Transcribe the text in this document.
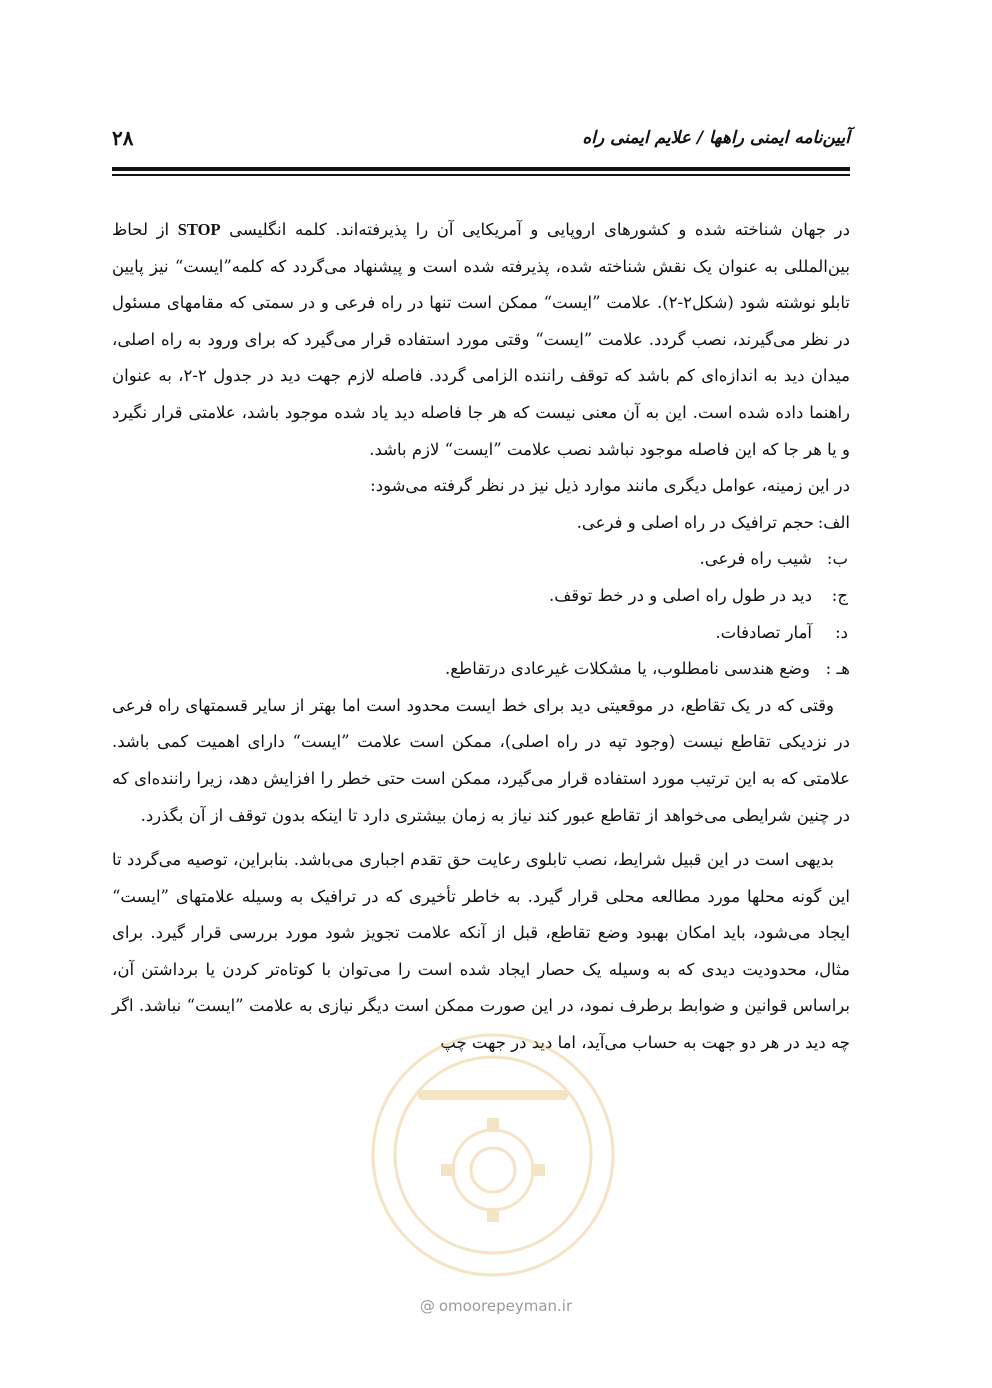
آیین‌نامه ایمنی راهها / علایم ایمنی راه
۲۸

در جهان شناخته شده و کشورهای اروپایی و آمریکایی آن را پذیرفته‌اند. کلمه انگلیسی STOP از لحاظ بین‌المللی به عنوان یک نقش شناخته شده، پذیرفته شده است و پیشنهاد می‌گردد که کلمه”ایست“ نیز پایین تابلو نوشته شود (شکل۲-۲). علامت ”ایست“ ممکن است تنها در راه فرعی و در سمتی که مقامهای مسئول در نظر می‌گیرند، نصب گردد. علامت ”ایست“ وقتی مورد استفاده قرار می‌گیرد که برای ورود به راه اصلی، میدان دید به اندازه‌ای کم باشد که توقف راننده الزامی گردد. فاصله لازم جهت دید در جدول ۲-۲، به عنوان راهنما داده شده است. این به آن معنی نیست که هر جا فاصله دید یاد شده موجود باشد، علامتی قرار نگیرد و یا هر جا که این فاصله موجود نباشد نصب علامت ”ایست“ لازم باشد.

در این زمینه، عوامل دیگری مانند موارد ذیل نیز در نظر گرفته می‌شود:

الف:
حجم ترافیک در راه اصلی و فرعی.
ب:
شیب راه فرعی.
ج:
دید در طول راه اصلی و در خط توقف.
د:
آمار تصادفات.
هـ :
وضع هندسی نامطلوب، یا مشکلات غیرعادی درتقاطع.

وقتی که در یک تقاطع، در موقعیتی دید برای خط ایست محدود است اما بهتر از سایر قسمتهای راه فرعی در نزدیکی تقاطع نیست (وجود تپه در راه اصلی)، ممکن است علامت ”ایست“ دارای اهمیت کمی باشد. علامتی که به این ترتیب مورد استفاده قرار می‌گیرد، ممکن است حتی خطر را افزایش دهد، زیرا راننده‌ای که در چنین شرایطی می‌خواهد از تقاطع عبور کند نیاز به زمان بیشتری دارد تا اینکه بدون توقف از آن بگذرد.

بدیهی است در این قبیل شرایط، نصب تابلوی رعایت حق تقدم اجباری می‌باشد. بنابراین، توصیه می‌گردد تا این گونه محلها مورد مطالعه محلی قرار گیرد. به خاطر تأخیری که در ترافیک به وسیله علامتهای ”ایست“ ایجاد می‌شود، باید امکان بهبود وضع تقاطع، قبل از آنکه علامت تجویز شود مورد بررسی قرار گیرد. برای مثال، محدودیت دیدی که به وسیله یک حصار ایجاد شده است را می‌توان با کوتاه‌تر کردن یا برداشتن آن، براساس قوانین و ضوابط برطرف نمود، در این صورت ممکن است دیگر نیازی به علامت ”ایست“ نباشد. اگر چه دید در هر دو جهت به حساب می‌آید، اما دید در جهت چپ

@ omoorepeyman.ir
